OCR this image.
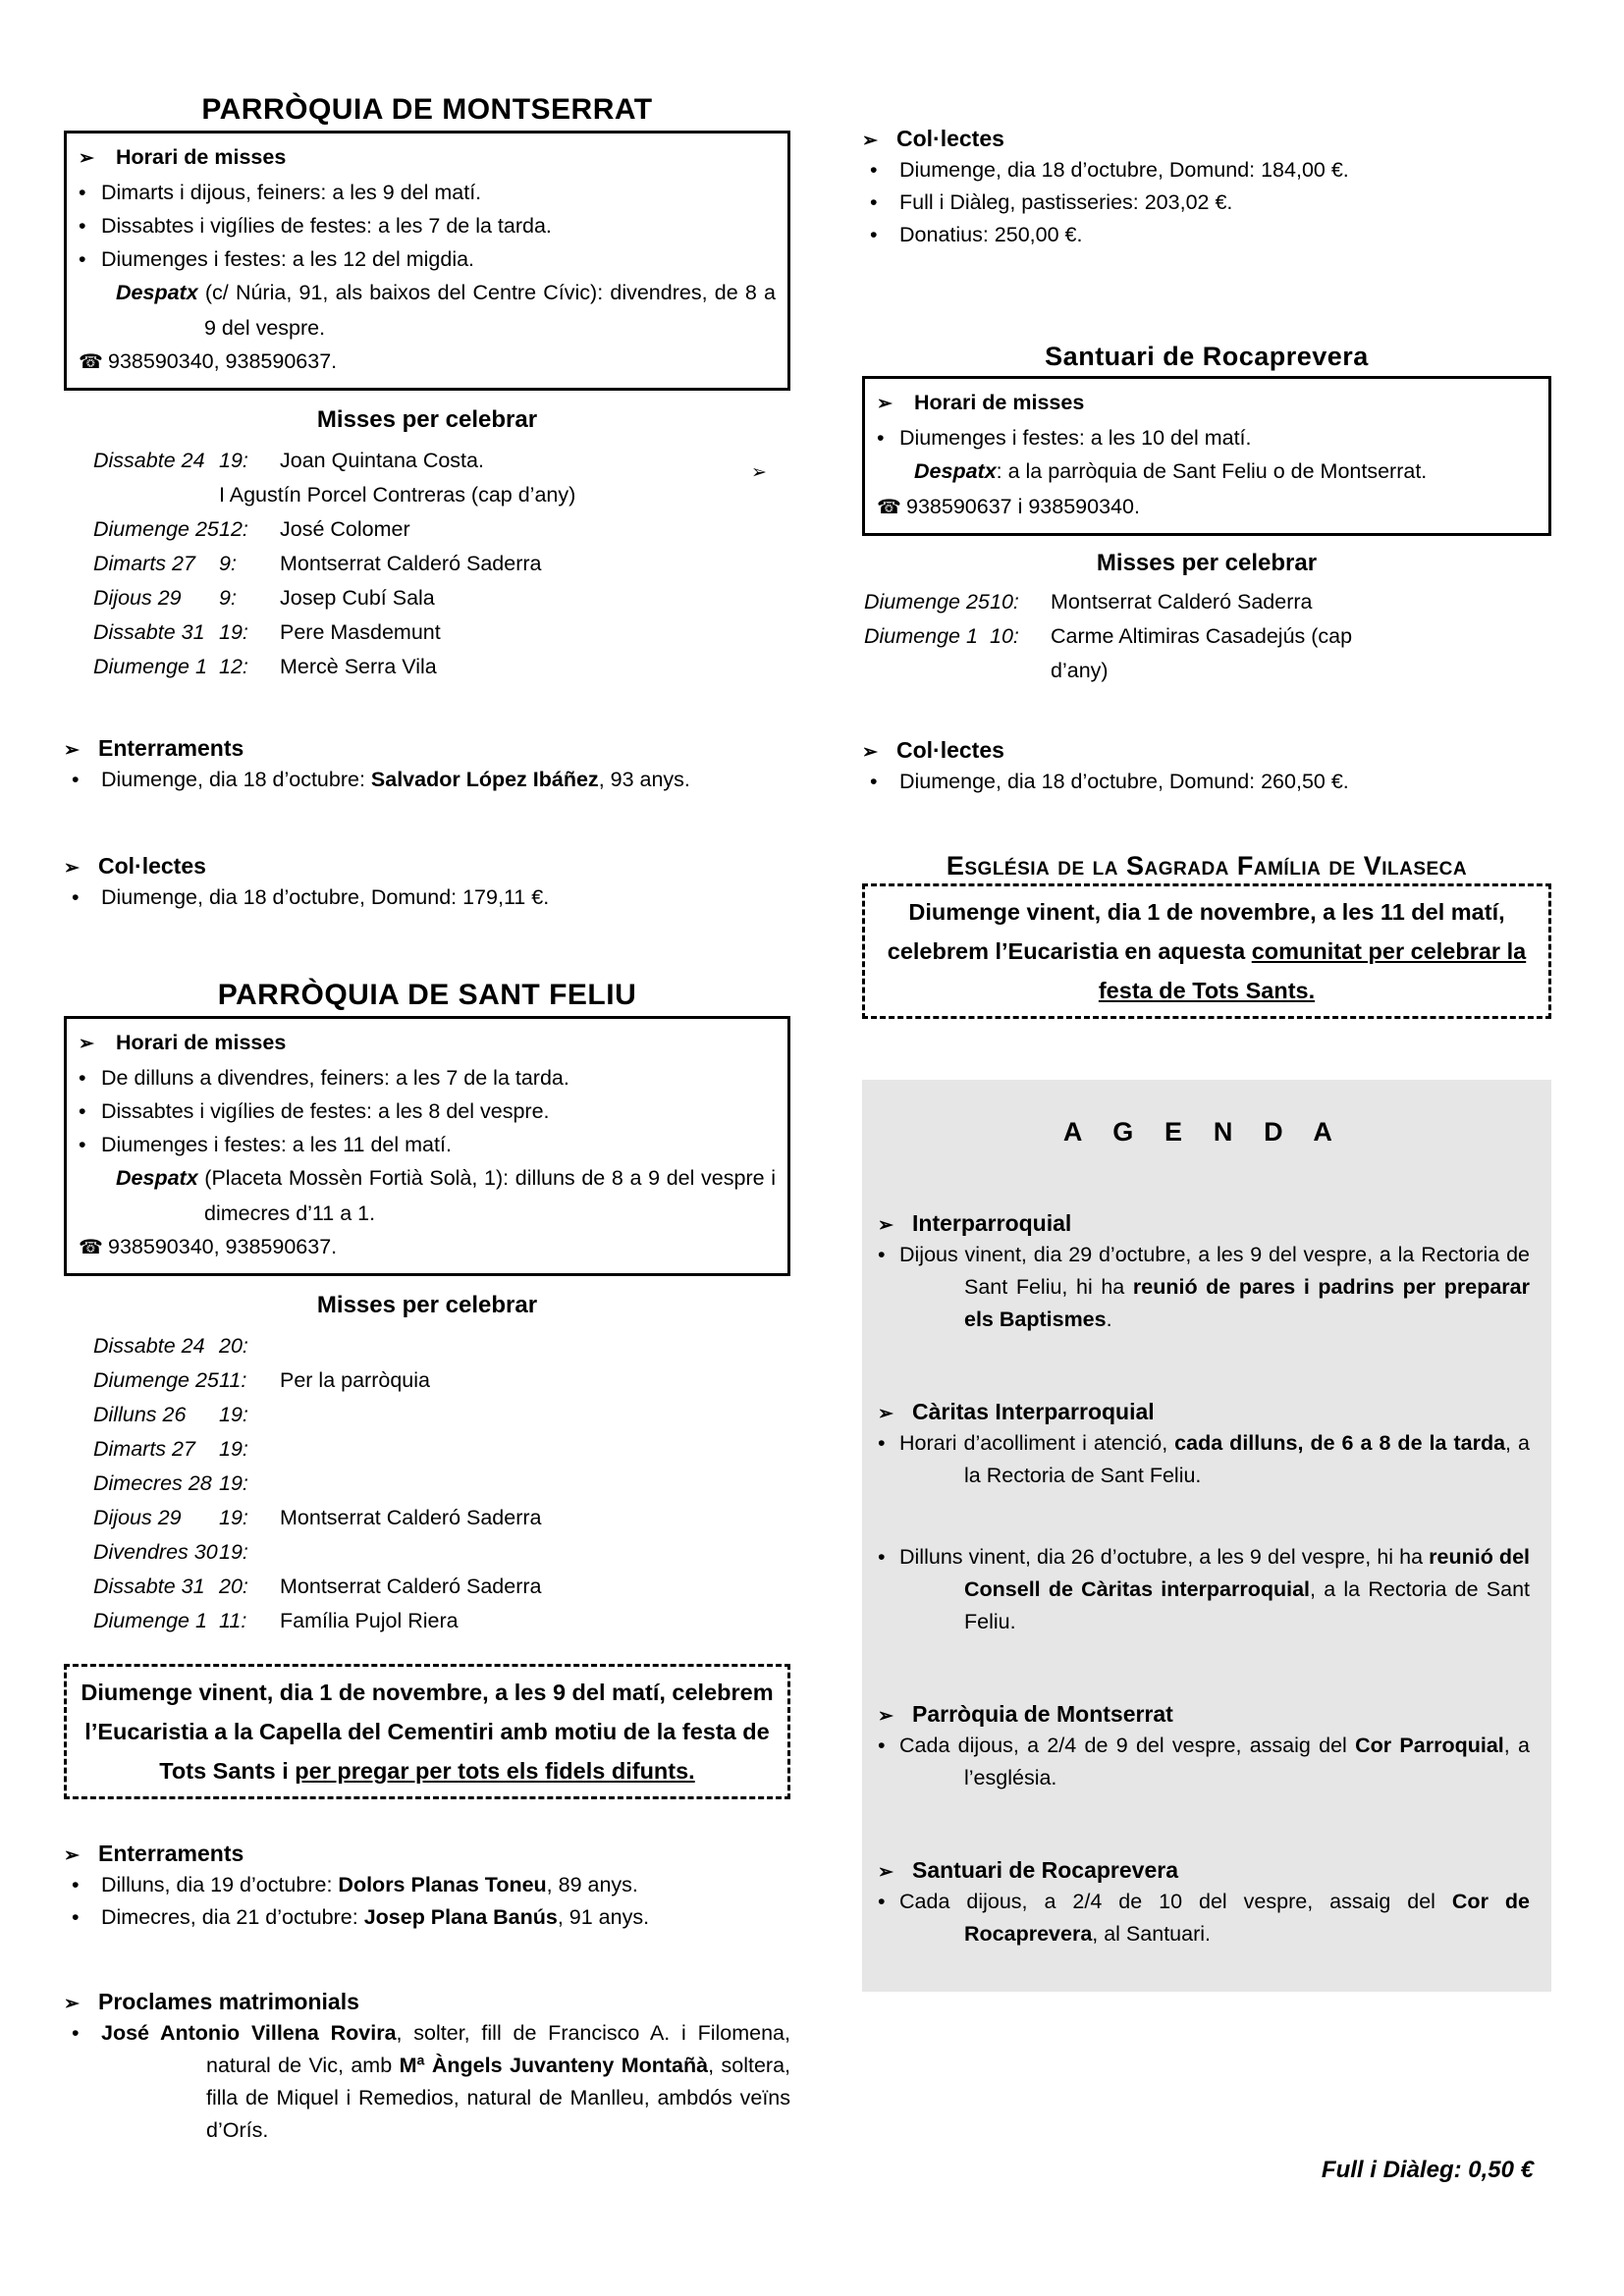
PARRÒQUIA DE MONTSERRAT
➢ Horari de misses
• Dimarts i dijous, feiners: a les 9 del matí.
• Dissabtes i vigílies de festes: a les 7 de la tarda.
• Diumenges i festes: a les 12 del migdia.
Despatx (c/ Núria, 91, als baixos del Centre Cívic): divendres, de 8 a 9 del vespre.
☎ 938590340, 938590637.
Misses per celebrar
Dissabte 24 19:	Joan Quintana Costa.
I Agustín Porcel Contreras (cap d’any)
Diumenge 25 12:	José Colomer
Dimarts 27	9:	Montserrat Calderó Saderra
Dijous 29	9:	Josep Cubí Sala
Dissabte 31 19:	Pere Masdemunt
Diumenge 1 12:	Mercè Serra Vila
➢ Enterraments

• Diumenge, dia 18 d’octubre: Salvador López Ibáñez, 93 anys.

➢ Col·lectes

• Diumenge, dia 18 d’octubre, Domund: 179,11 €.

PARRÒQUIA DE SANT FELIU
➢ Horari de misses
• De dilluns a divendres, feiners: a les 7 de la tarda.
• Dissabtes i vigílies de festes: a les 8 del vespre.
• Diumenges i festes: a les 11 del matí.
Despatx (Placeta Mossèn Fortià Solà, 1): dilluns de 8 a 9 del vespre i dimecres d’11 a 1.
☎ 938590340, 938590637.
Misses per celebrar
Dissabte 24 20:
Diumenge 25 11:	Per la parròquia
Dilluns 26	19:
Dimarts 27	19:
Dimecres 28 19:
Dijous 29	19:	Montserrat Calderó Saderra
Divendres 30 19:
Dissabte 31 20:	Montserrat Calderó Saderra
Diumenge 1 11:	Família Pujol Riera
Diumenge vinent, dia 1 de novembre, a les 9 del matí, celebrem l’Eucaristia a la Capella del Cementiri amb motiu de la festa de Tots Sants i per pregar per tots els fidels difunts.
➢ Enterraments

• Dilluns, dia 19 d’octubre: Dolors Planas Toneu, 89 anys.

• Dimecres, dia 21 d’octubre: Josep Plana Banús, 91 anys.

➢ Proclames matrimonials

• José Antonio Villena Rovira, solter, fill de Francisco A. i Filomena, natural de Vic, amb Mª Àngels Juvanteny Montañà, soltera, filla de Miquel i Remedios, natural de Manlleu, ambdós veïns d’Orís.

➢ Col·lectes

• Diumenge, dia 18 d’octubre, Domund: 184,00 €.

• Full i Diàleg, pastisseries: 203,02 €.

• Donatius: 250,00 €.

Santuari de Rocaprevera
➢ Horari de misses
• Diumenges i festes: a les 10 del matí.
➢	Despatx: a la parròquia de Sant Feliu o de Montserrat.
☎ 938590637 i 938590340.
Misses per celebrar
Diumenge 25 10:	Montserrat Calderó Saderra
Diumenge 1 10:	Carme Altimiras Casadejús (cap d’any)
➢ Col·lectes

• Diumenge, dia 18 d’octubre, Domund: 260,50 €.

Església de la Sagrada Família de Vilaseca
Diumenge vinent, dia 1 de novembre, a les 11 del matí, celebrem l’Eucaristia en aquesta comunitat per celebrar la festa de Tots Sants.
A G E N D A
➢ Interparroquial

• Dijous vinent, dia 29 d’octubre, a les 9 del vespre, a la Rectoria de Sant Feliu, hi ha reunió de pares i padrins per preparar els Baptismes.

➢ Càritas Interparroquial

• Horari d’acolliment i atenció, cada dilluns, de 6 a 8 de la tarda, a la Rectoria de Sant Feliu.

• Dilluns vinent, dia 26 d’octubre, a les 9 del vespre, hi ha reunió del Consell de Càritas interparroquial, a la Rectoria de Sant Feliu.

➢ Parròquia de Montserrat

• Cada dijous, a 2/4 de 9 del vespre, assaig del Cor Parroquial, a l’església.

➢ Santuari de Rocaprevera

• Cada dijous, a 2/4 de 10 del vespre, assaig del Cor de Rocaprevera, al Santuari.

Full i Diàleg: 0,50 €
